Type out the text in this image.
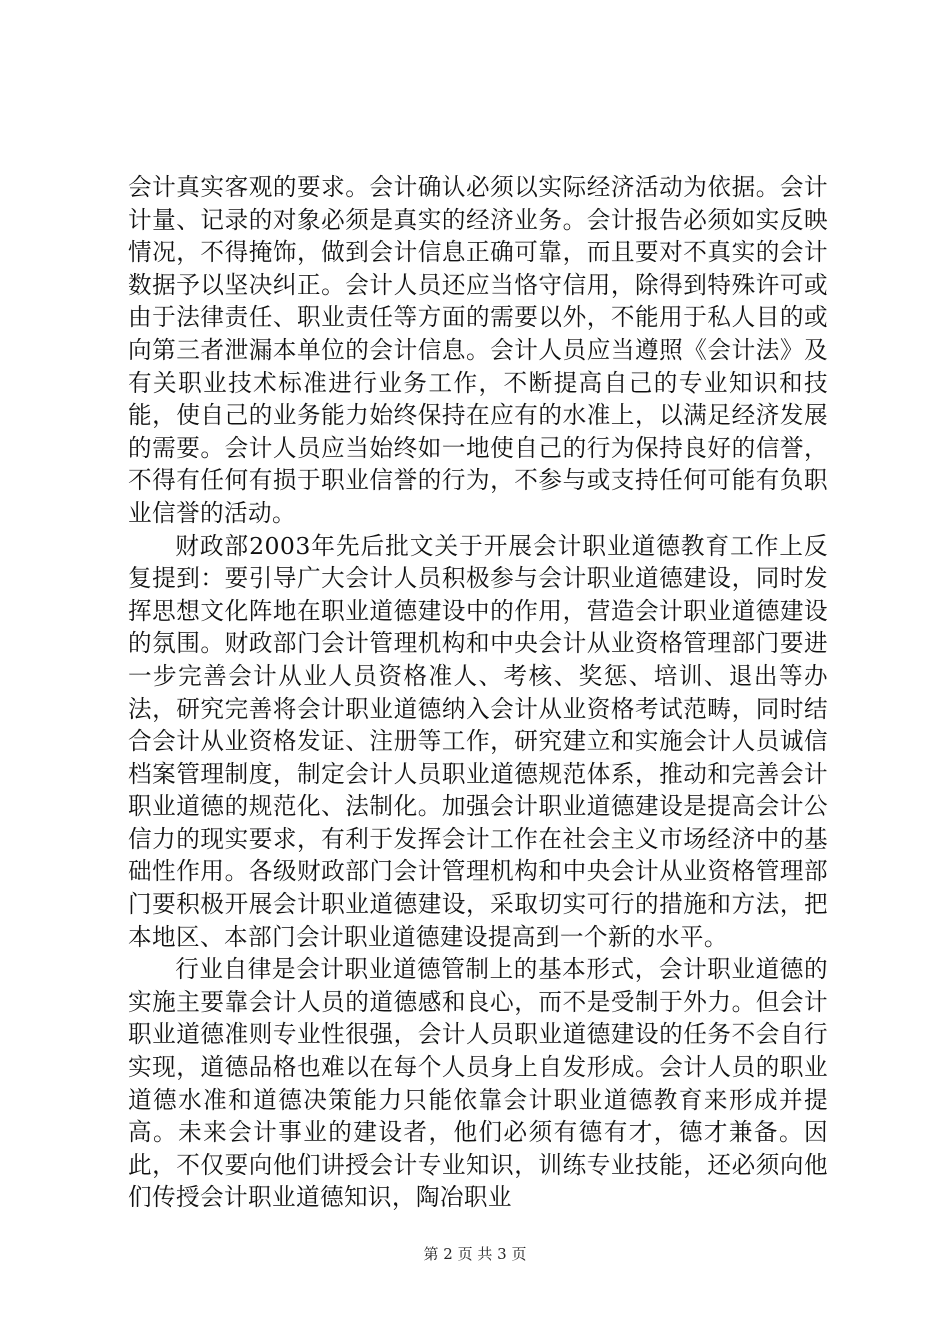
会计真实客观的要求。会计确认必须以实际经济活动为依据。会计计量、记录的对象必须是真实的经济业务。会计报告必须如实反映情况，不得掩饰，做到会计信息正确可靠，而且要对不真实的会计数据予以坚决纠正。会计人员还应当恪守信用，除得到特殊许可或由于法律责任、职业责任等方面的需要以外，不能用于私人目的或向第三者泄漏本单位的会计信息。会计人员应当遵照《会计法》及有关职业技术标准进行业务工作，不断提高自己的专业知识和技能，使自己的业务能力始终保持在应有的水准上，以满足经济发展的需要。会计人员应当始终如一地使自己的行为保持良好的信誉，不得有任何有损于职业信誉的行为，不参与或支持任何可能有负职业信誉的活动。

财政部2003年先后批文关于开展会计职业道德教育工作上反复提到：要引导广大会计人员积极参与会计职业道德建设，同时发挥思想文化阵地在职业道德建设中的作用，营造会计职业道德建设的氛围。财政部门会计管理机构和中央会计从业资格管理部门要进一步完善会计从业人员资格准人、考核、奖惩、培训、退出等办法，研究完善将会计职业道德纳入会计从业资格考试范畴，同时结合会计从业资格发证、注册等工作，研究建立和实施会计人员诚信档案管理制度，制定会计人员职业道德规范体系，推动和完善会计职业道德的规范化、法制化。加强会计职业道德建设是提高会计公信力的现实要求，有利于发挥会计工作在社会主义市场经济中的基础性作用。各级财政部门会计管理机构和中央会计从业资格管理部门要积极开展会计职业道德建设，采取切实可行的措施和方法，把本地区、本部门会计职业道德建设提高到一个新的水平。

行业自律是会计职业道德管制上的基本形式，会计职业道德的实施主要靠会计人员的道德感和良心，而不是受制于外力。但会计职业道德准则专业性很强，会计人员职业道德建设的任务不会自行实现，道德品格也难以在每个人员身上自发形成。会计人员的职业道德水准和道德决策能力只能依靠会计职业道德教育来形成并提高。未来会计事业的建设者，他们必须有德有才，德才兼备。因此，不仅要向他们讲授会计专业知识，训练专业技能，还必须向他们传授会计职业道德知识，陶冶职业

第 2 页 共 3 页
